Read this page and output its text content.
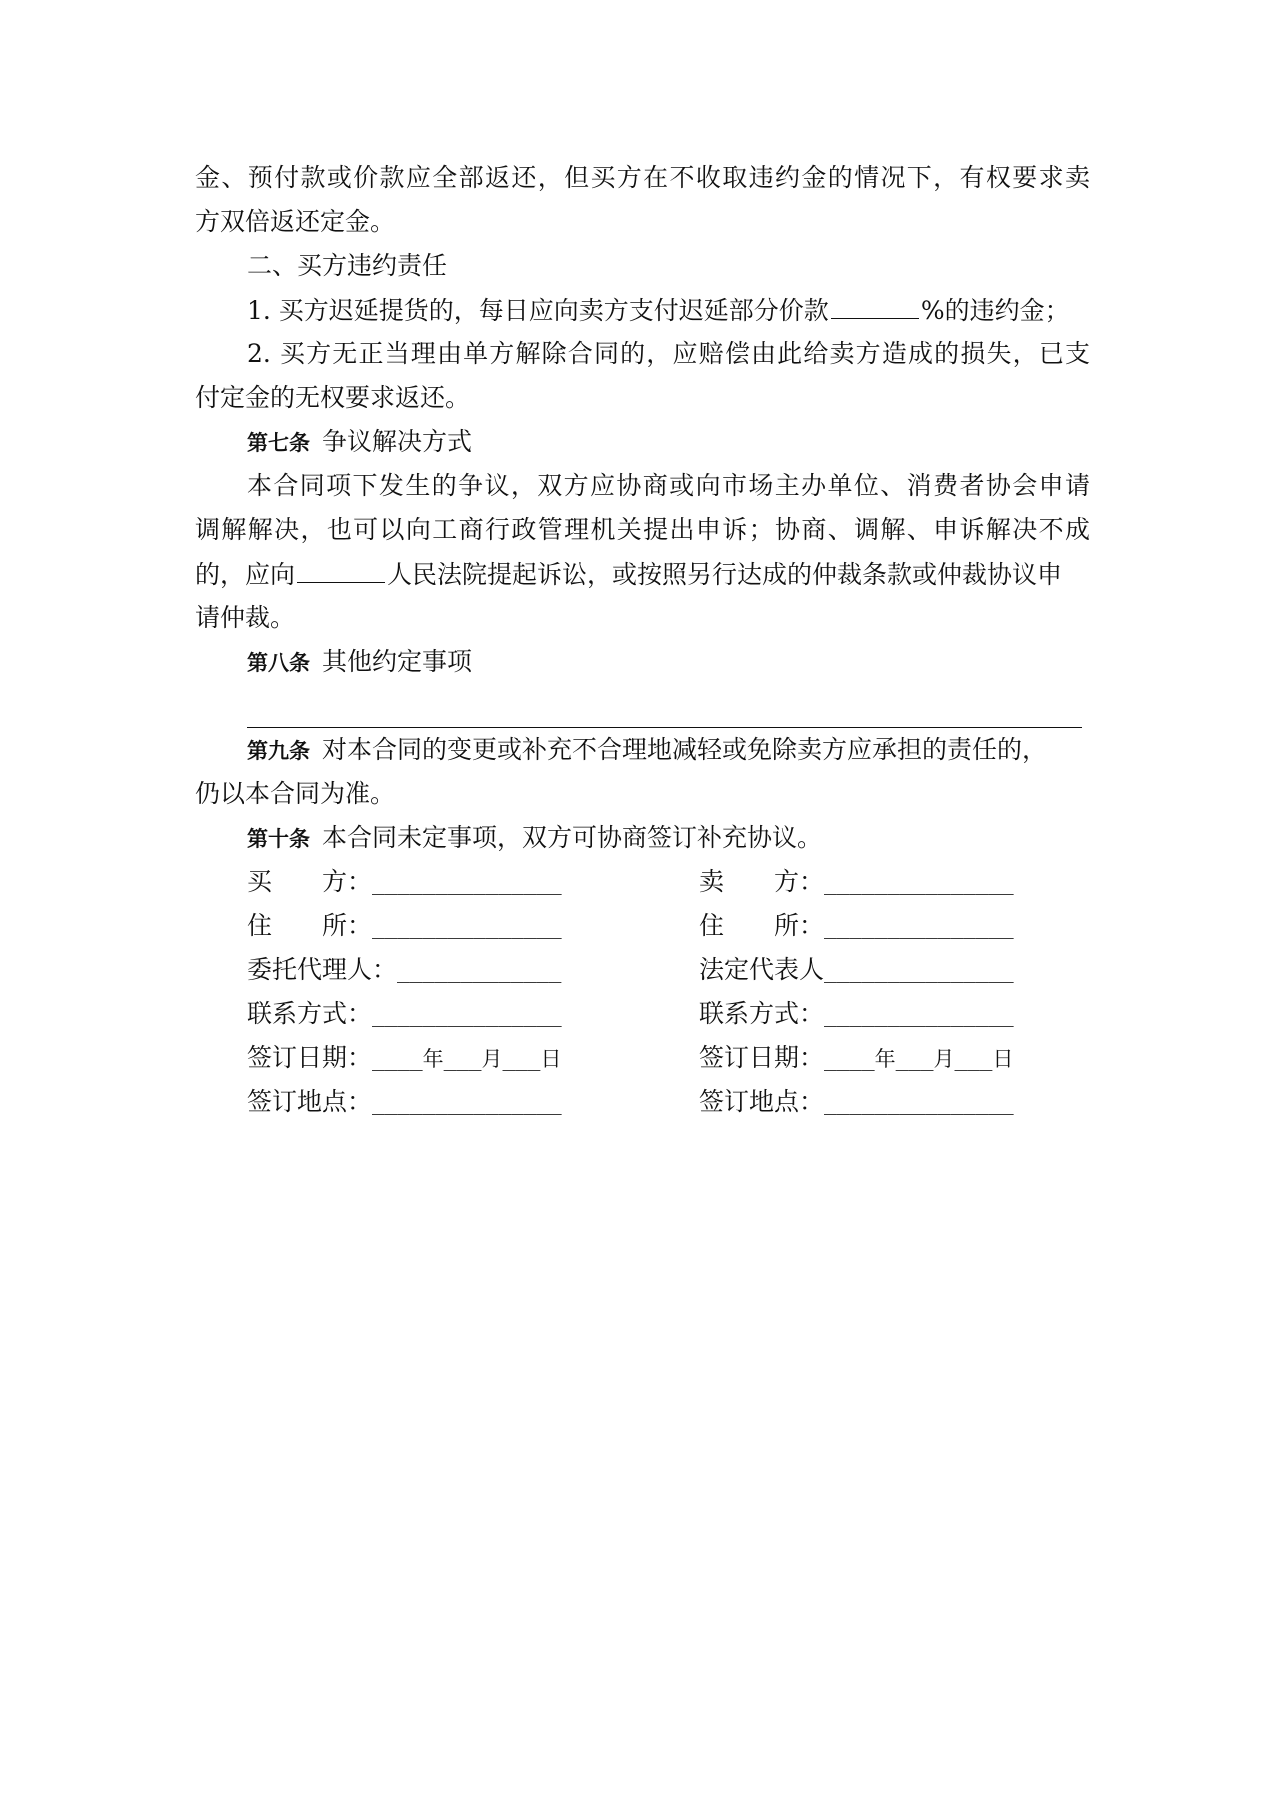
金、预付款或价款应全部返还，但买方在不收取违约金的情况下，有权要求卖
方双倍返还定金。
二、买方违约责任
1. 买方迟延提货的，每日应向卖方支付迟延部分价款	%的违约金；
2. 买方无正当理由单方解除合同的，应赔偿由此给卖方造成的损失，已支
付定金的无权要求返还。
第七条 争议解决方式
本合同项下发生的争议，双方应协商或向市场主办单位、消费者协会申请
调解解决，也可以向工商行政管理机关提出申诉；协商、调解、申诉解决不成
的，应向	人民法院提起诉讼，或按照另行达成的仲裁条款或仲裁协议申
请仲裁。
第八条 其他约定事项
第九条 对本合同的变更或补充不合理地减轻或免除卖方应承担的责任的，
仍以本合同为准。
第十条 本合同未定事项，双方可协商签订补充协议。
买　　方：_______________	卖　　方：_______________
住　　所：_______________	住　　所：_______________
委托代理人：_____________	法定代表人_______________
联系方式：_______________	联系方式：_______________
签订日期：____年___月___日	签订日期：____年___月___日
签订地点：_______________	签订地点：_______________
